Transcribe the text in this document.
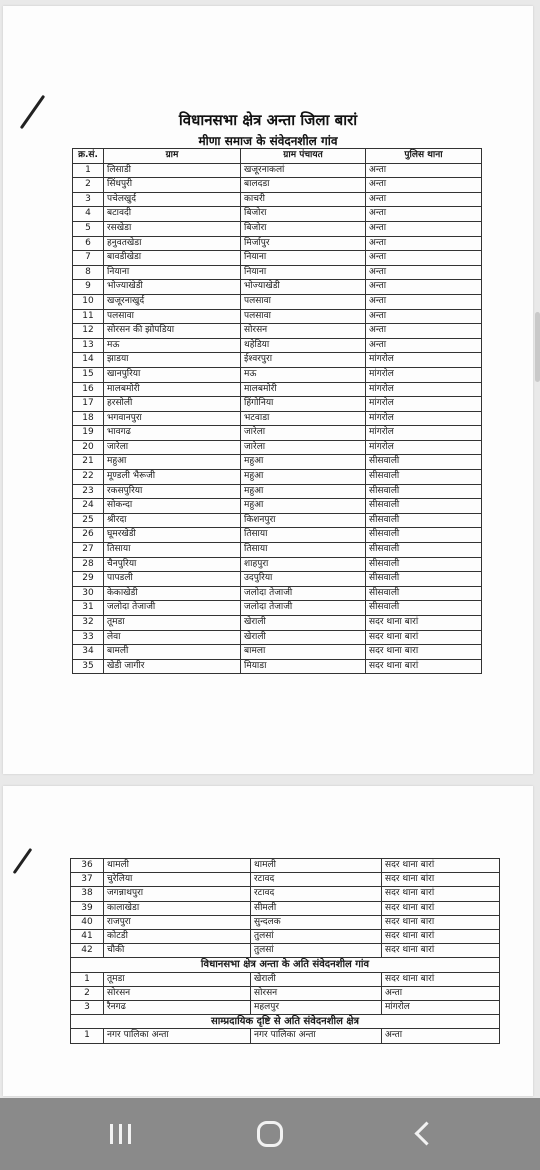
विधानसभा क्षेत्र अन्ता जिला बारां
मीणा समाज के संवेदनशील गांव
क्र.सं.	ग्राम	ग्राम पंचायत	पुलिस थाना
1	लिसाडी	खजूरनाकलां	अन्ता
2	सिंधपुरी	बालदडा	अन्ता
3	पचेलखुर्द	काचरी	अन्ता
4	बटावदी	बिजोरा	अन्ता
5	रसखेडा	बिजोरा	अन्ता
6	हनुवतखेडा	मिर्जापुर	अन्ता
7	बावडीखेडा	नियाना	अन्ता
8	नियाना	नियाना	अन्ता
9	भोज्याखेडी	भोज्याखेडी	अन्ता
10	खजूरनाखुर्द	पलसावा	अन्ता
11	पलसावा	पलसावा	अन्ता
12	सोरसन की झोपडिया	सोरसन	अन्ता
13	मऊ	थहेडिया	अन्ता
14	झाडया	ईश्वरपुरा	मांगरोल
15	खानपुरिया	मऊ	मांगरोल
16	मालबमोरी	मालबमोरी	मांगरोल
17	हरसोली	हिंगोनिया	मांगरोल
18	भगवानपुरा	भटवाडा	मांगरोल
19	भावगढ	जारेला	मांगरोल
20	जारेला	जारेला	मांगरोल
21	महुआ	महुआ	सीसवाली
22	मूण्डली भैरूजी	महुआ	सीसवाली
23	रकसपुरिया	महुआ	सीसवाली
24	सोकन्दा	महुआ	सीसवाली
25	श्रीरदा	किशनपुरा	सीसवाली
26	घूमरखेडी	तिसाया	सीसवाली
27	तिसाया	तिसाया	सीसवाली
28	चैनपुरिया	शाहपुरा	सीसवाली
29	पापडली	उदपुरिया	सीसवाली
30	केकाखेडी	जलोदा तेजाजी	सीसवाली
31	जलोदा तेजाजी	जलोदा तेजाजी	सीसवाली
32	तूमडा	खेराली	सदर थाना बारां
33	लेवा	खेराली	सदर थाना बारां
34	बामली	बामला	सदर थाना बारा
35	खेडी जागीर	मियाडा	सदर थाना बारां
36	थामली	थामली	सदर थाना बारां
37	चुरेलिया	रटावद	सदर थाना बांरा
38	जगन्नाथपुरा	रटावद	सदर थाना बारां
39	कालाखेडा	सीमली	सदर थाना बारां
40	राजपुरा	सुन्दलक	सदर थाना बारा
41	कोटडी	तुलसां	सदर थाना बारां
42	चौकी	तुलसां	सदर थाना बारां
विधानसभा क्षेत्र अन्ता के अति संवेदनशील गांव			
1	तूमडा	खेराली	सदर थाना बारां
2	सोरसन	सोरसन	अन्ता
3	रैनगढ	महलपुर	मांगरोल
साम्प्रदायिक दृष्टि से अति संवेदनशील क्षेत्र			
1	नगर पालिका अन्ता	नगर पालिका अन्ता	अन्ता
